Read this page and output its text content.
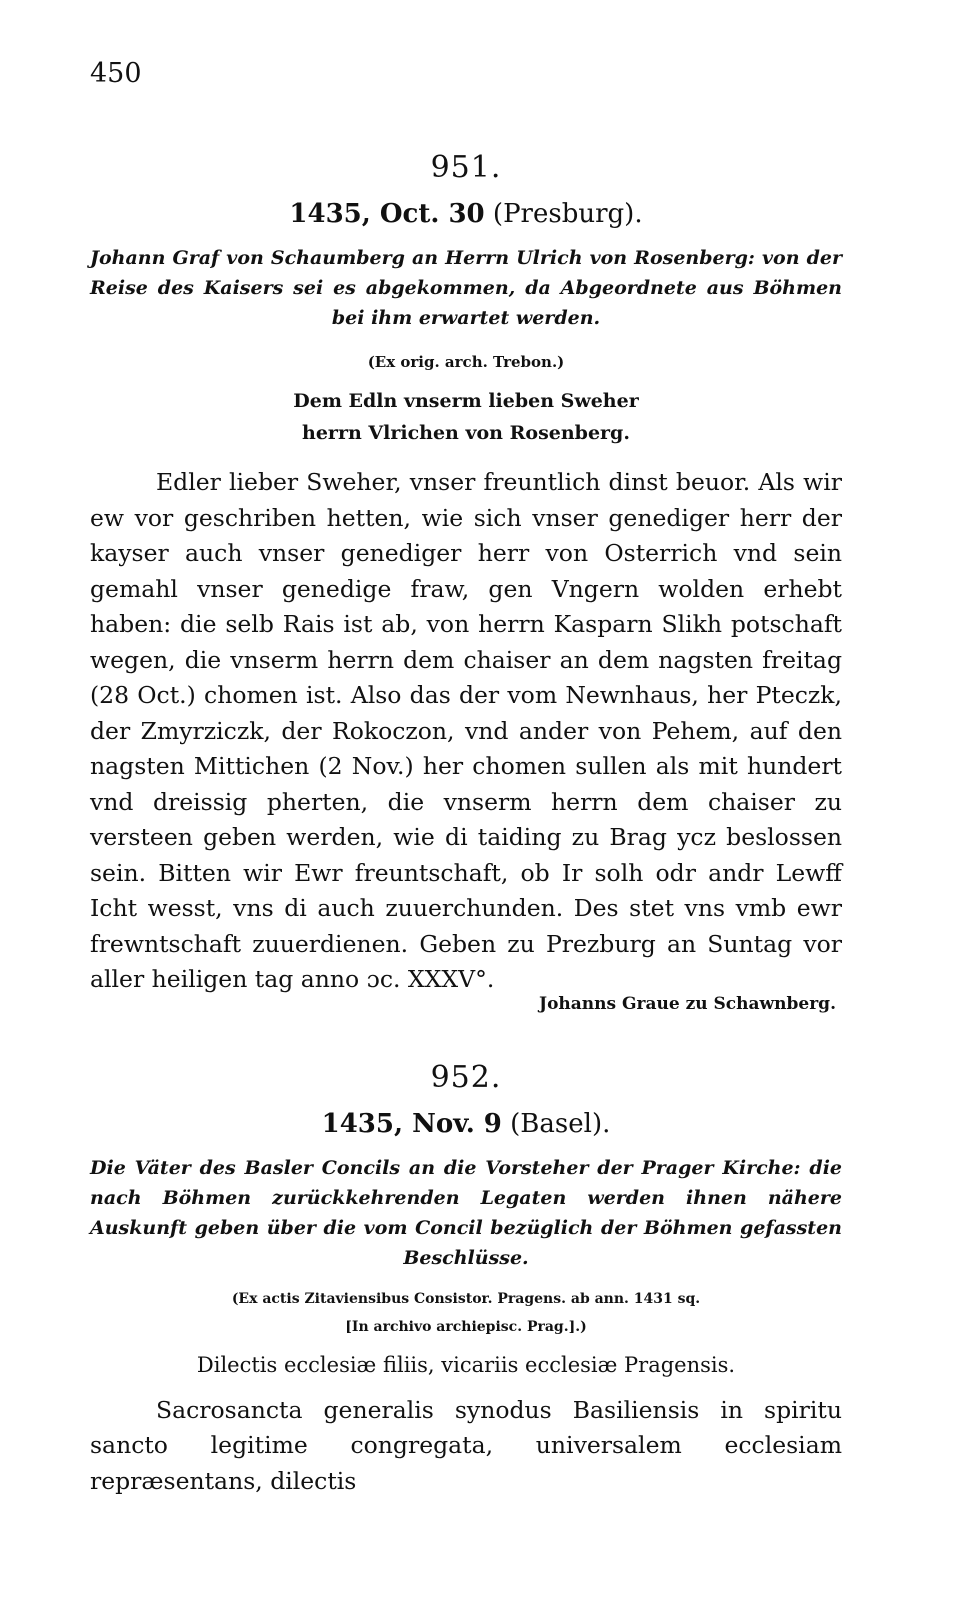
450
951.
1435, Oct. 30 (Presburg).
Johann Graf von Schaumberg an Herrn Ulrich von Rosenberg: von der Reise des Kaisers sei es abgekommen, da Abgeordnete aus Böhmen bei ihm erwartet werden.
(Ex orig. arch. Trebon.)
Dem Edln vnserm lieben Sweher
herrn Vlrichen von Rosenberg.
Edler lieber Sweher, vnser freuntlich dinst beuor. Als wir ew vor geschriben hetten, wie sich vnser genediger herr der kayser auch vnser genediger herr von Osterrich vnd sein gemahl vnser genedige fraw, gen Vngern wolden erhebt haben: die selb Rais ist ab, von herrn Kasparn Slikh potschaft wegen, die vnserm herrn dem chaiser an dem nagsten freitag (28 Oct.) chomen ist. Also das der vom Newnhaus, her Pteczk, der Zmyrziczk, der Rokoczon, vnd ander von Pehem, auf den nagsten Mittichen (2 Nov.) her chomen sullen als mit hundert vnd dreissig pherten, die vnserm herrn dem chaiser zu versteen geben werden, wie di taiding zu Brag ycz beslossen sein. Bitten wir Ewr freuntschaft, ob Ir solh odr andr Lewff Icht wesst, vns di auch zuuerchunden. Des stet vns vmb ewr frewntschaft zuuerdienen. Geben zu Prezburg an Suntag vor aller heiligen tag anno ɔc. XXXV°.
Johanns Graue zu Schawnberg.
952.
1435, Nov. 9 (Basel).
Die Väter des Basler Concils an die Vorsteher der Prager Kirche: die nach Böhmen zurückkehrenden Legaten werden ihnen nähere Auskunft geben über die vom Concil bezüglich der Böhmen gefassten Beschlüsse.
(Ex actis Zitaviensibus Consistor. Pragens. ab ann. 1431 sq.
[In archivo archiepisc. Prag.].)
Dilectis ecclesiæ filiis, vicariis ecclesiæ Pragensis.
Sacrosancta generalis synodus Basiliensis in spiritu sancto legitime congregata, universalem ecclesiam repræsentans, dilectis
